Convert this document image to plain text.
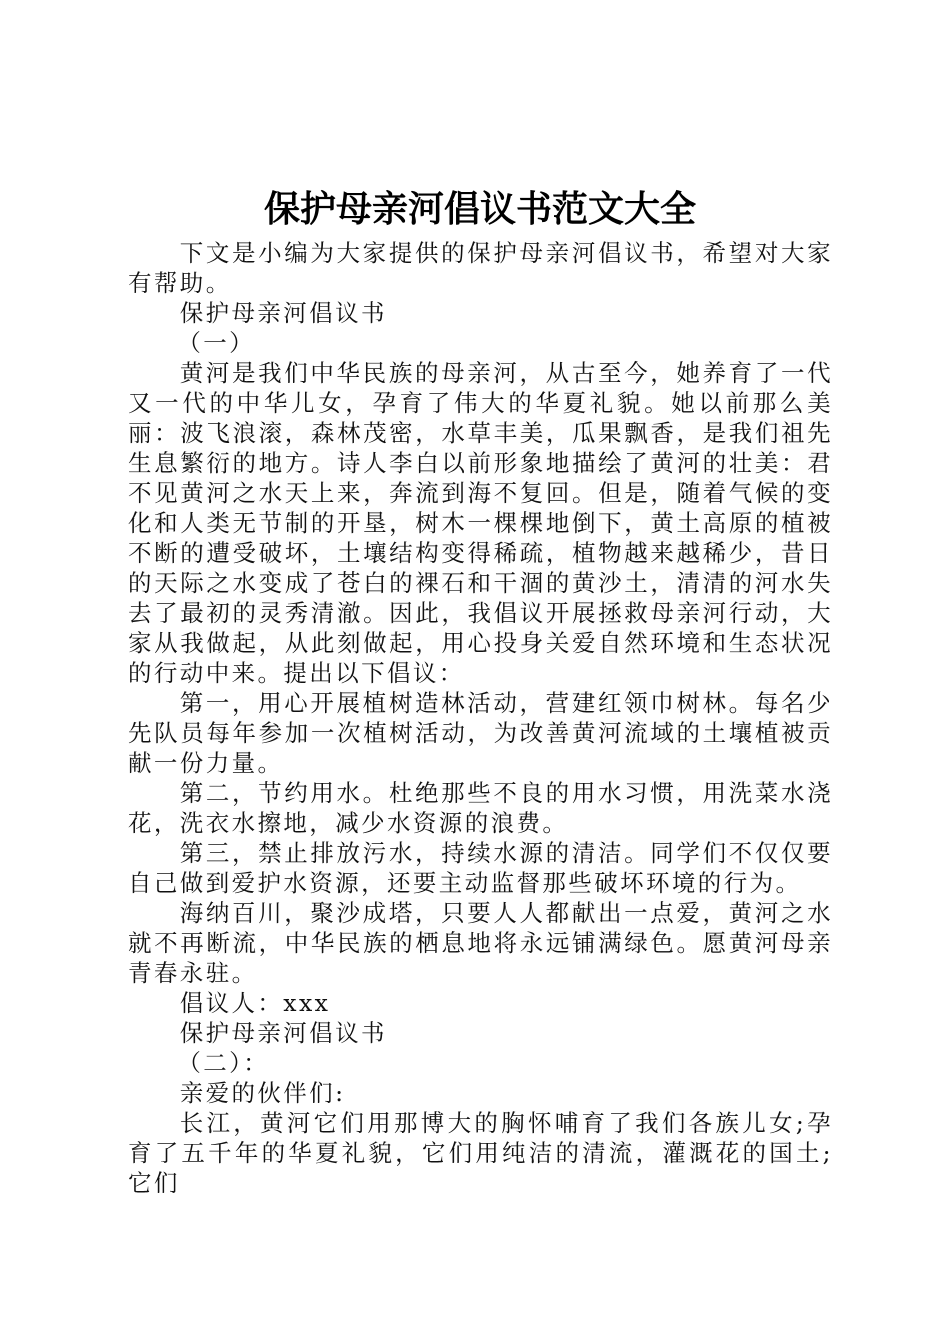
保护母亲河倡议书范文大全

下文是小编为大家提供的保护母亲河倡议书，希望对大家有帮助。

保护母亲河倡议书

（一）

黄河是我们中华民族的母亲河，从古至今，她养育了一代又一代的中华儿女，孕育了伟大的华夏礼貌。她以前那么美丽：波飞浪滚，森林茂密，水草丰美，瓜果飘香，是我们祖先生息繁衍的地方。诗人李白以前形象地描绘了黄河的壮美：君不见黄河之水天上来，奔流到海不复回。但是，随着气候的变化和人类无节制的开垦，树木一棵棵地倒下，黄土高原的植被不断的遭受破坏，土壤结构变得稀疏，植物越来越稀少，昔日的天际之水变成了苍白的裸石和干涸的黄沙土，清清的河水失去了最初的灵秀清澈。因此，我倡议开展拯救母亲河行动，大家从我做起，从此刻做起，用心投身关爱自然环境和生态状况的行动中来。提出以下倡议：

第一，用心开展植树造林活动，营建红领巾树林。每名少先队员每年参加一次植树活动，为改善黄河流域的土壤植被贡献一份力量。

第二，节约用水。杜绝那些不良的用水习惯，用洗菜水浇花，洗衣水擦地，减少水资源的浪费。

第三，禁止排放污水，持续水源的清洁。同学们不仅仅要自己做到爱护水资源，还要主动监督那些破坏环境的行为。

海纳百川，聚沙成塔，只要人人都献出一点爱，黄河之水就不再断流，中华民族的栖息地将永远铺满绿色。愿黄河母亲青春永驻。

倡议人：xxx

保护母亲河倡议书

（二）：

亲爱的伙伴们:

长江，黄河它们用那博大的胸怀哺育了我们各族儿女;孕育了五千年的华夏礼貌，它们用纯洁的清流，灌溉花的国土;它们
